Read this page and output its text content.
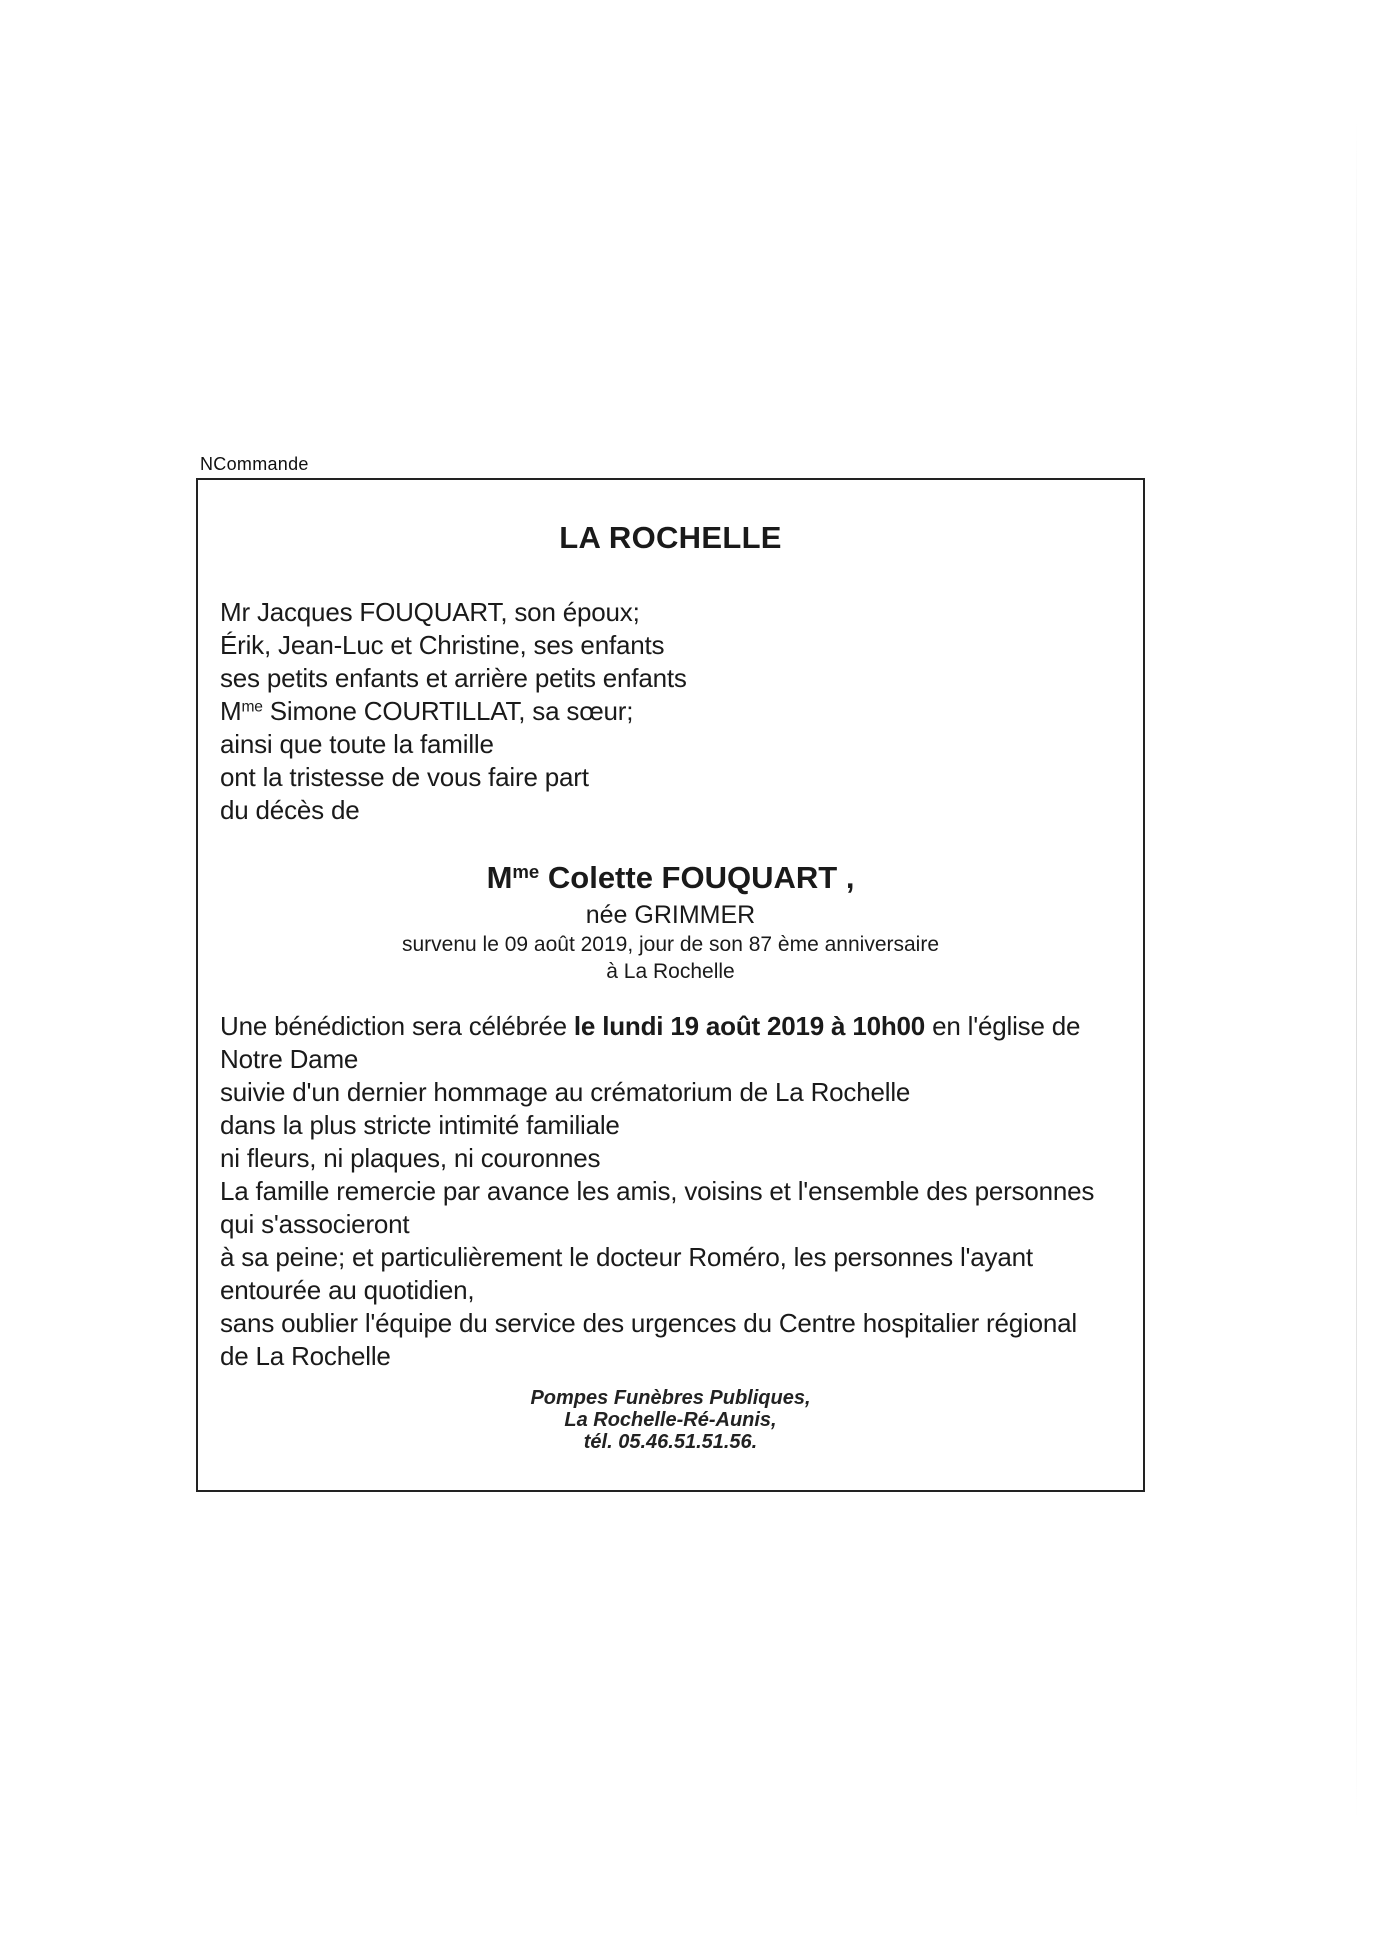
NCommande
LA ROCHELLE
Mr Jacques FOUQUART, son époux;
Érik, Jean-Luc et Christine, ses enfants
ses petits enfants et arrière petits enfants
$M^{me}$ Simone COURTILLAT, sa sœur;
ainsi que toute la famille
ont la tristesse de vous faire part
du décès de
$M^{me}$ Colette FOUQUART ,
née GRIMMER
survenu le 09 août 2019, jour de son 87 ème anniversaire
à La Rochelle
Une bénédiction sera célébrée le lundi 19 août 2019 à 10h00 en l'église de
Notre Dame
suivie d'un dernier hommage au crématorium de La Rochelle
dans la plus stricte intimité familiale
ni fleurs, ni plaques, ni couronnes
La famille remercie par avance les amis, voisins et l'ensemble des personnes
qui s'associeront
à sa peine; et particulièrement le docteur Roméro, les personnes l'ayant
entourée au quotidien,
sans oublier l'équipe du service des urgences du Centre hospitalier régional
de La Rochelle
Pompes Funèbres Publiques,
La Rochelle-Ré-Aunis,
tél. 05.46.51.51.56.
